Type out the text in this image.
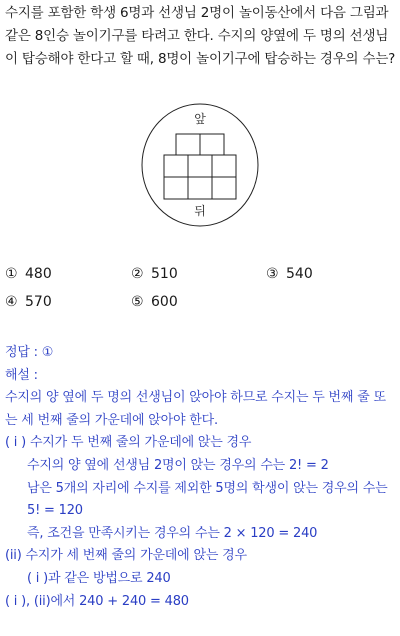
수지를 포함한 학생 6명과 선생님 2명이 놀이동산에서 다음 그림과 같은 8인승 놀이기구를 타려고 한다. 수지의 양옆에 두 명의 선생님이 탑승해야 한다고 할 때, 8명이 놀이기구에 탑승하는 경우의 수는?
앞
뒤
① 480	② 510	③ 540
④ 570	⑤ 600
정답 : ①
해설 :
수지의 양 옆에 두 명의 선생님이 앉아야 하므로 수지는 두 번째 줄 또는 세 번째 줄의 가운데에 앉아야 한다.
( i ) 수지가 두 번째 줄의 가운데에 앉는 경우
수지의 양 옆에 선생님 2명이 앉는 경우의 수는 2! = 2
남은 5개의 자리에 수지를 제외한 5명의 학생이 앉는 경우의 수는
5! = 120
즉, 조건을 만족시키는 경우의 수는 2 × 120 = 240
(ii) 수지가 세 번째 줄의 가운데에 앉는 경우
( i )과 같은 방법으로 240
( i ), (ii)에서 240 + 240 = 480
